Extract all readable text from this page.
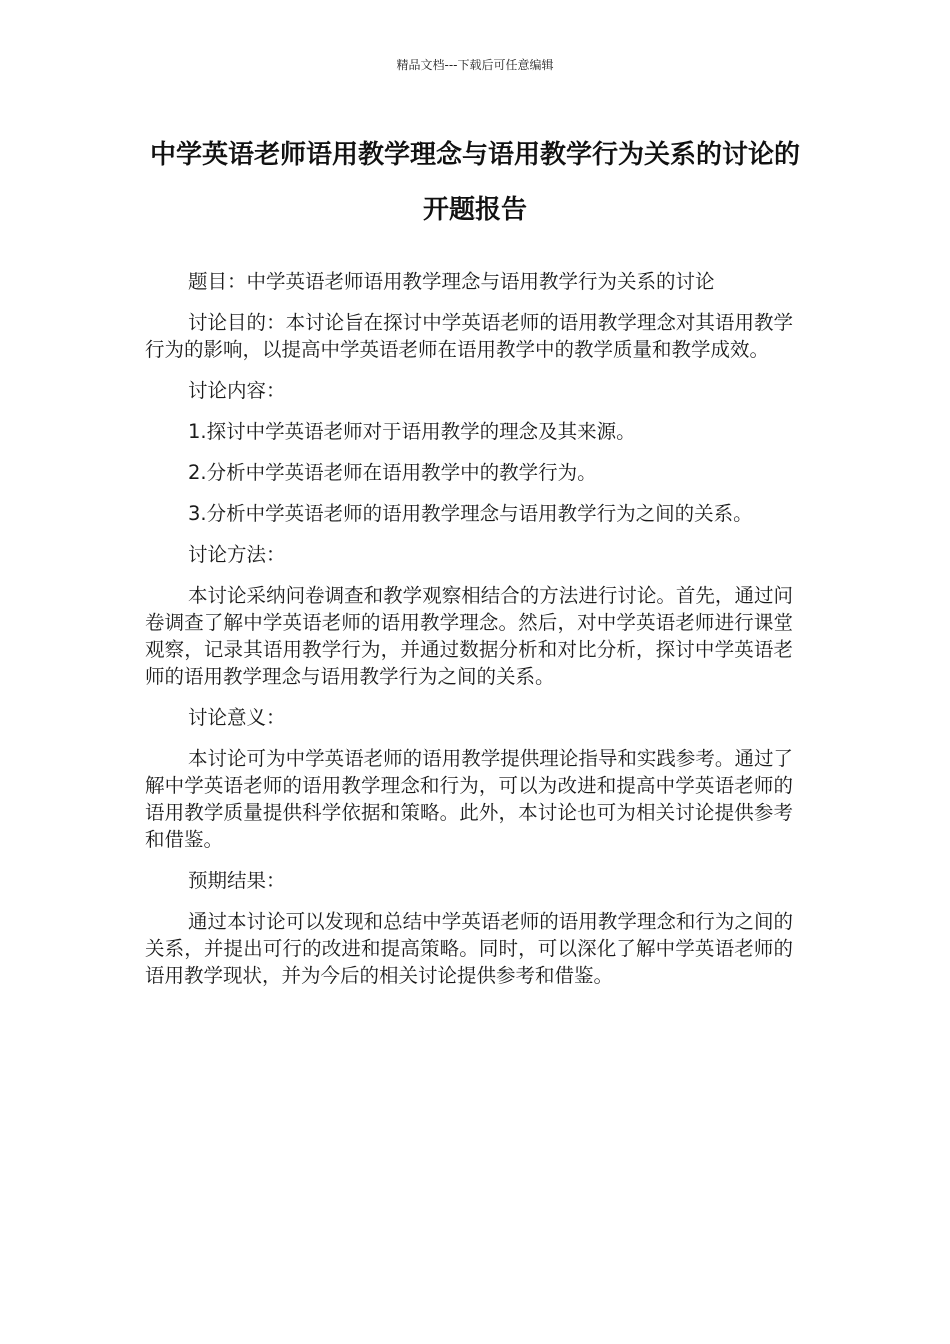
精品文档---下载后可任意编辑
中学英语老师语用教学理念与语用教学行为关系的讨论的开题报告

题目：中学英语老师语用教学理念与语用教学行为关系的讨论

讨论目的：本讨论旨在探讨中学英语老师的语用教学理念对其语用教学行为的影响，以提高中学英语老师在语用教学中的教学质量和教学成效。

讨论内容：

1.探讨中学英语老师对于语用教学的理念及其来源。

2.分析中学英语老师在语用教学中的教学行为。

3.分析中学英语老师的语用教学理念与语用教学行为之间的关系。

讨论方法：

本讨论采纳问卷调查和教学观察相结合的方法进行讨论。首先，通过问卷调查了解中学英语老师的语用教学理念。然后，对中学英语老师进行课堂观察，记录其语用教学行为，并通过数据分析和对比分析，探讨中学英语老师的语用教学理念与语用教学行为之间的关系。

讨论意义：

本讨论可为中学英语老师的语用教学提供理论指导和实践参考。通过了解中学英语老师的语用教学理念和行为，可以为改进和提高中学英语老师的语用教学质量提供科学依据和策略。此外，本讨论也可为相关讨论提供参考和借鉴。

预期结果：

通过本讨论可以发现和总结中学英语老师的语用教学理念和行为之间的关系，并提出可行的改进和提高策略。同时，可以深化了解中学英语老师的语用教学现状，并为今后的相关讨论提供参考和借鉴。
